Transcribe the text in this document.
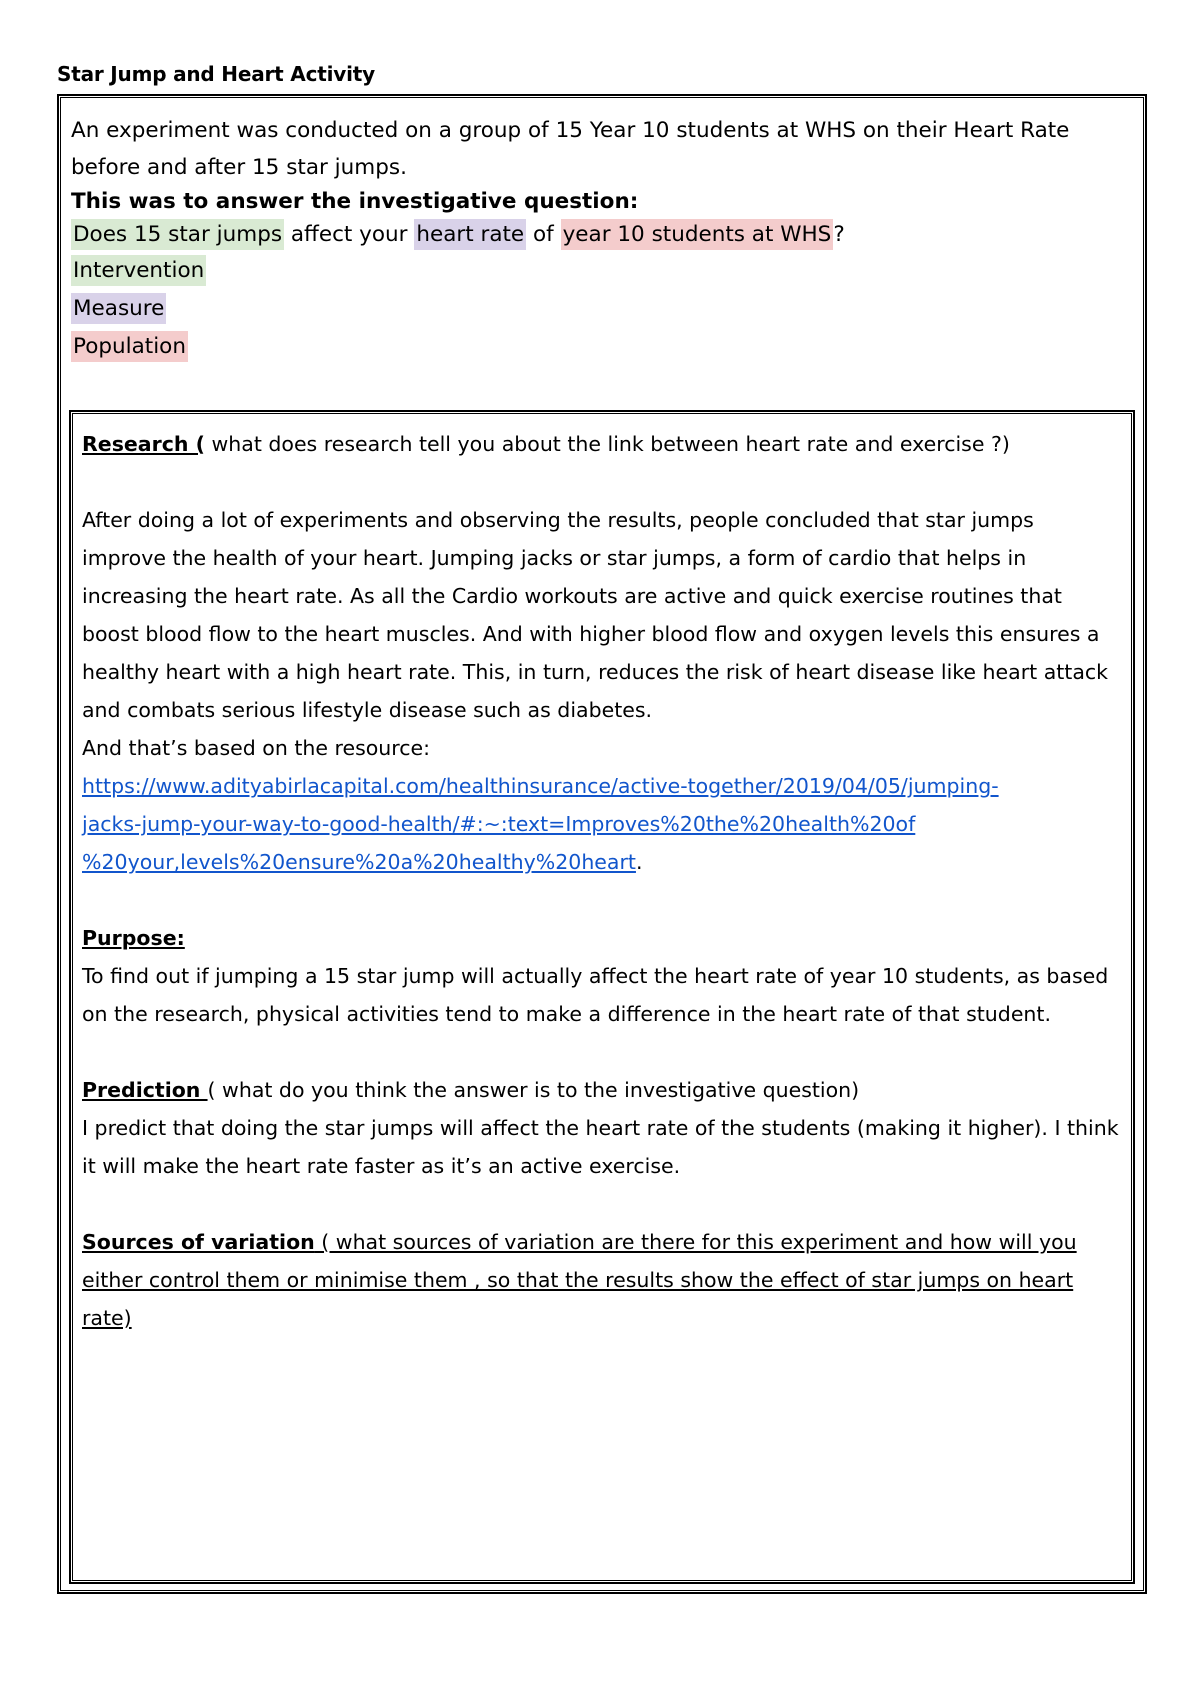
Star Jump and Heart Activity

An experiment was conducted on a group of 15 Year 10 students at WHS on their Heart Rate before and after 15 star jumps.

This was to answer the investigative question:

Does 15 star jumps affect your heart rate of year 10 students at WHS?

Intervention

Measure

Population

Research ( what does research tell you about the link between heart rate and exercise ?)

After doing a lot of experiments and observing the results, people concluded that star jumps improve the health of your heart. Jumping jacks or star jumps, a form of cardio that helps in increasing the heart rate. As all the Cardio workouts are active and quick exercise routines that boost blood flow to the heart muscles. And with higher blood flow and oxygen levels this ensures a healthy heart with a high heart rate. This, in turn, reduces the risk of heart disease like heart attack and combats serious lifestyle disease such as diabetes.

And that’s based on the resource:

https://www.adityabirlacapital.com/healthinsurance/active-together/2019/04/05/jumping-
jacks-jump-your-way-to-good-health/#:~:text=Improves%20the%20health%20of
%20your,levels%20ensure%20a%20healthy%20heart.

Purpose:

To find out if jumping a 15 star jump will actually affect the heart rate of year 10 students, as based on the research, physical activities tend to make a difference in the heart rate of that student.

Prediction ( what do you think the answer is to the investigative question)

I predict that doing the star jumps will affect the heart rate of the students (making it higher). I think it will make the heart rate faster as it’s an active exercise.

Sources of variation ( what sources of variation are there for this experiment and how will you either control them or minimise them , so that the results show the effect of star jumps on heart rate)
